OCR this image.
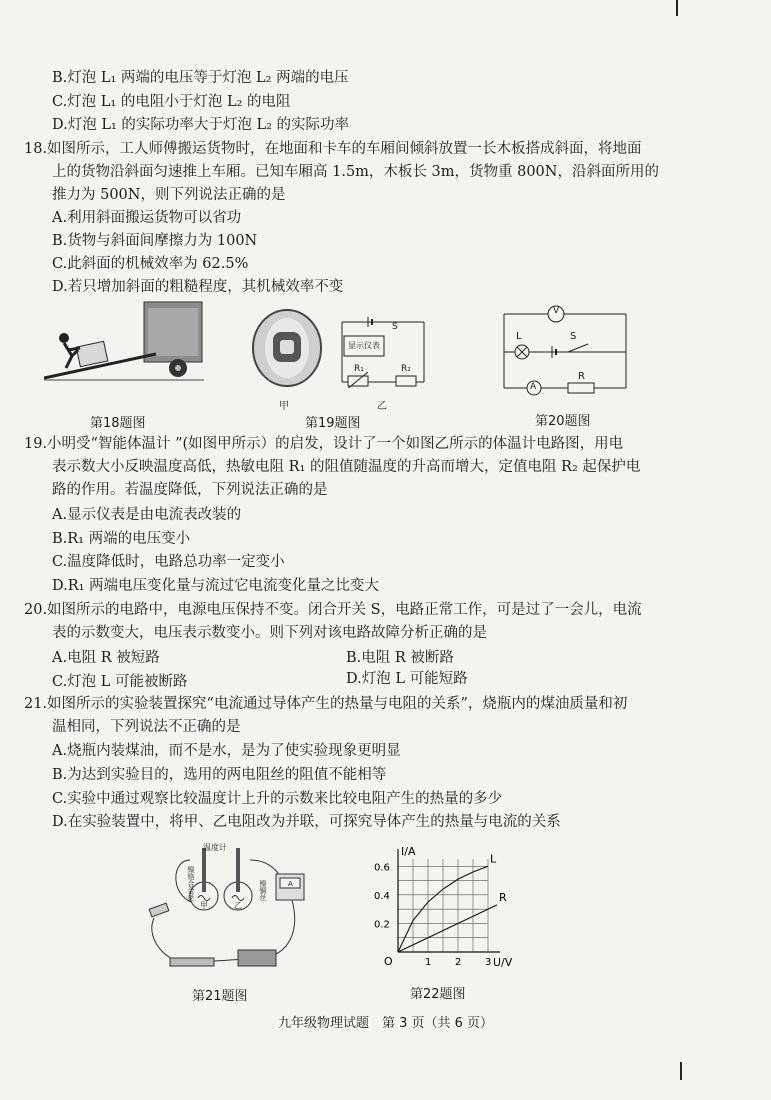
B.灯泡 L₁ 两端的电压等于灯泡 L₂ 两端的电压
C.灯泡 L₁ 的电阻小于灯泡 L₂ 的电阻
D.灯泡 L₁ 的实际功率大于灯泡 L₂ 的实际功率
18.如图所示，工人师傅搬运货物时，在地面和卡车的车厢间倾斜放置一长木板搭成斜面，将地面
上的货物沿斜面匀速推上车厢。已知车厢高 1.5m，木板长 3m，货物重 800N，沿斜面所用的
推力为 500N，则下列说法正确的是
A.利用斜面搬运货物可以省功
B.货物与斜面间摩擦力为 100N
C.此斜面的机械效率为 62.5%
D.若只增加斜面的粗糙程度，其机械效率不变
甲
S
显示仪表
R₁	R₂
乙
V
L	S
A
R
第18题图	第19题图	第20题图
19.小明受“智能体温计 ”(如图甲所示）的启发，设计了一个如图乙所示的体温计电路图，用电
表示数大小反映温度高低，热敏电阻 R₁ 的阻值随温度的升高而增大，定值电阻 R₂ 起保护电
路的作用。若温度降低，下列说法正确的是
A.显示仪表是由电流表改装的
B.R₁ 两端的电压变小
C.温度降低时，电路总功率一定变小
D.R₁ 两端电压变化量与流过它电流变化量之比变大
20.如图所示的电路中，电源电压保持不变。闭合开关 S，电路正常工作，可是过了一会儿，电流
表的示数变大，电压表示数变小。则下列对该电路故障分析正确的是
A.电阻 R 被短路	B.电阻 R 被断路
C.灯泡 L 可能被断路	D.灯泡 L 可能短路
21.如图所示的实验装置探究“电流通过导体产生的热量与电阻的关系”，烧瓶内的煤油质量和初
温相同，下列说法不正确的是
A.烧瓶内装煤油，而不是水，是为了使实验现象更明显
B.为达到实验目的，选用的两电阻丝的阻值不能相等
C.实验中通过观察比较温度计上升的示数来比较电阻产生的热量的多少
D.在实验装置中，将甲、乙电阻改为并联，可探究导体产生的热量与电流的关系
温度计
镍铬合金丝	镍铜丝
甲	乙
A
L
R
1 2 3
0.2
0.4
0.6
O	U/V
I/A
第21题图	第22题图
九年级物理试题　第 3 页（共 6 页）
